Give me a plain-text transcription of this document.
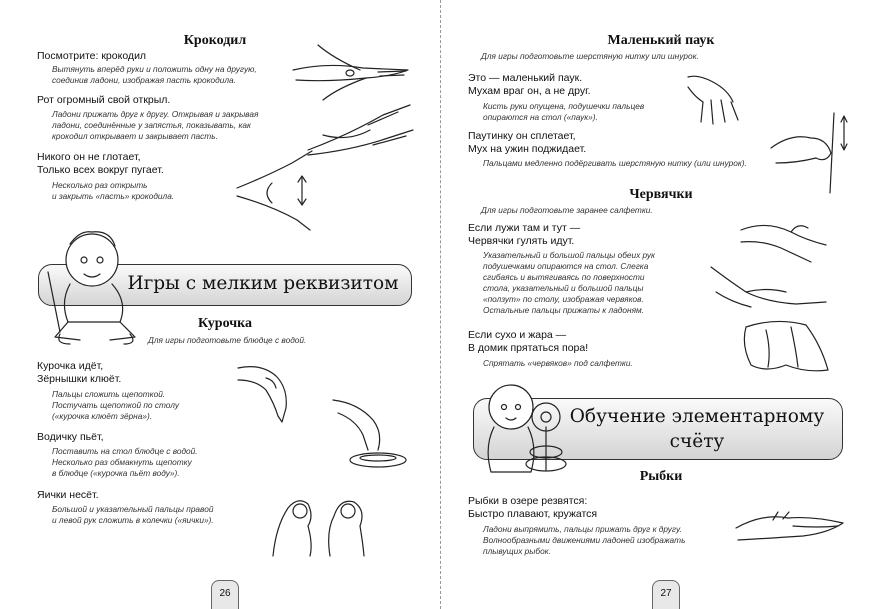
Крокодил
Посмотрите: крокодил
Вытянуть вперёд руки и положить одну на другую,
соединив ладони, изображая пасть крокодила.
Рот огромный свой открыл.
Ладони прижать друг к другу. Открывая и закрывая
ладони, соединённые у запястья, показывать, как
крокодил открывает и закрывает пасть.
Никого он не глотает,
Только всех вокруг пугает.
Несколько раз открыть
и закрыть «пасть» крокодила.
Игры с мелким реквизитом
Курочка
Для игры подготовьте блюдце с водой.
Курочка идёт,
Зёрнышки клюёт.
Пальцы сложить щепоткой.
Постучать щепоткой по столу
(«курочка клюёт зёрна»).
Водичку пьёт,
Поставить на стол блюдце с водой.
Несколько раз обмакнуть щепотку
в блюдце («курочка пьёт воду»).
Яички несёт.
Большой и указательный пальцы правой
и левой рук сложить в колечки («яички»).
26
Маленький паук
Для игры подготовьте шерстяную нитку или шнурок.
Это — маленький паук.
Мухам враг он, а не друг.
Кисть руки опущена, подушечки пальцев
опираются на стол («паук»).
Паутинку он сплетает,
Мух на ужин поджидает.
Пальцами медленно подёргивать шерстяную нитку (или шнурок).
Червячки
Для игры подготовьте заранее салфетки.
Если лужи там и тут —
Червячки гулять идут.
Указательный и большой пальцы обеих рук
подушечками опираются на стол. Слегка
сгибаясь и вытягиваясь по поверхности
стола, указательный и большой пальцы
«ползут» по столу, изображая червяков.
Остальные пальцы прижаты к ладоням.
Если сухо и жара —
В домик прятаться пора!
Спрятать «червяков» под салфетки.
Обучение элементарному
счёту
Рыбки
Рыбки в озере резвятся:
Быстро плавают, кружатся
Ладони выпрямить, пальцы прижать друг к другу.
Волнообразными движениями ладоней изображать
плывущих рыбок.
27
